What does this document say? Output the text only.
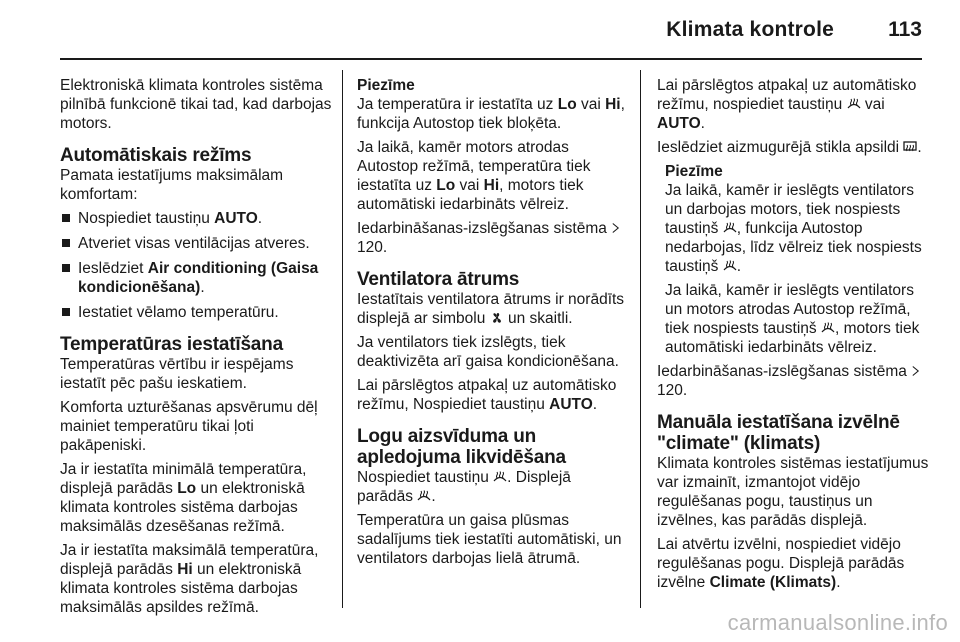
Klimata kontrole	113

Elektroniskā klimata kontroles sistēma pilnībā funkcionē tikai tad, kad darbojas motors.

Automātiskais režīms

Pamata iestatījums maksimālam komfortam:

Nospiediet taustiņu AUTO.
Atveriet visas ventilācijas atveres.
Ieslēdziet Air conditioning (Gaisa kondicionēšana).
Iestatiet vēlamo temperatūru.
Temperatūras iestatīšana

Temperatūras vērtību ir iespējams iestatīt pēc pašu ieskatiem.

Komforta uzturēšanas apsvērumu dēļ mainiet temperatūru tikai ļoti pakāpeniski.

Ja ir iestatīta minimālā temperatūra, displejā parādās Lo un elektroniskā klimata kontroles sistēma darbojas maksimālās dzesēšanas režīmā.

Ja ir iestatīta maksimālā temperatūra, displejā parādās Hi un elektroniskā klimata kontroles sistēma darbojas maksimālās apsildes režīmā.

Piezīme

Ja temperatūra ir iestatīta uz Lo vai Hi, funkcija Autostop tiek bloķēta.

Ja laikā, kamēr motors atrodas Autostop režīmā, temperatūra tiek iestatīta uz Lo vai Hi, motors tiek automātiski iedarbināts vēlreiz.

Iedarbināšanas-izslēgšanas sistēma  120.

Ventilatora ātrums

Iestatītais ventilatora ātrums ir norādīts displejā ar simbolu  un skaitli.

Ja ventilators tiek izslēgts, tiek deaktivizēta arī gaisa kondicionēšana.

Lai pārslēgtos atpakaļ uz automātisko režīmu, Nospiediet taustiņu AUTO.

Logu aizsvīduma un apledojuma likvidēšana

Nospiediet taustiņu . Displejā parādās .

Temperatūra un gaisa plūsmas sadalījums tiek iestatīti automātiski, un ventilators darbojas lielā ātrumā.

Lai pārslēgtos atpakaļ uz automātisko režīmu, nospiediet taustiņu  vai AUTO.

Ieslēdziet aizmugurējā stikla apsildi .

Piezīme

Ja laikā, kamēr ir ieslēgts ventilators un darbojas motors, tiek nospiests taustiņš , funkcija Autostop nedarbojas, līdz vēlreiz tiek nospiests taustiņš .

Ja laikā, kamēr ir ieslēgts ventilators un motors atrodas Autostop režīmā, tiek nospiests taustiņš , motors tiek automātiski iedarbināts vēlreiz.

Iedarbināšanas-izslēgšanas sistēma  120.

Manuāla iestatīšana izvēlnē "climate" (klimats)

Klimata kontroles sistēmas iestatījumus var izmainīt, izmantojot vidējo regulēšanas pogu, taustiņus un izvēlnes, kas parādās displejā.

Lai atvērtu izvēlni, nospiediet vidējo regulēšanas pogu. Displejā parādās izvēlne Climate (Klimats).

carmanualsonline.info
